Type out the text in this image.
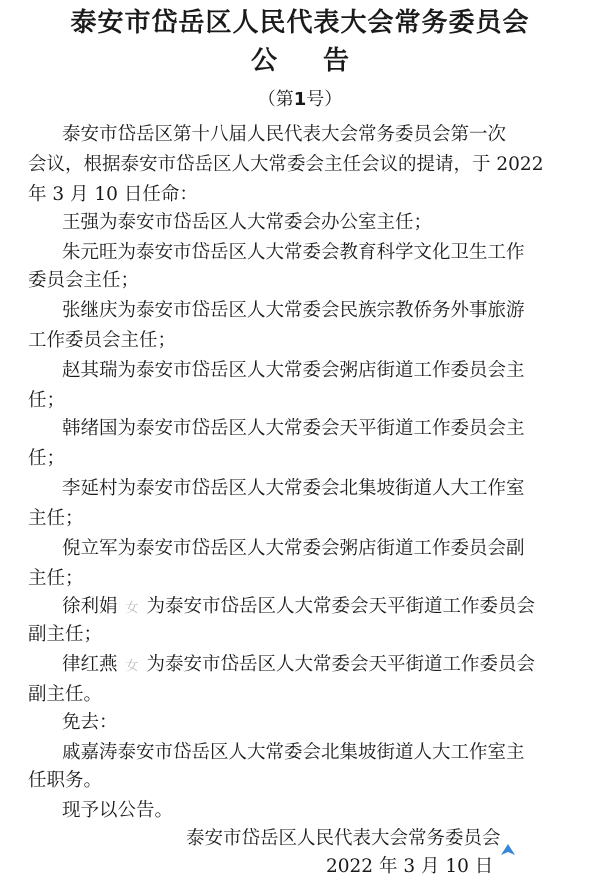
泰安市岱岳区人民代表大会常务委员会
公告
（第1号）
泰安市岱岳区第十八届人民代表大会常务委员会第一次
会议，根据泰安市岱岳区人大常委会主任会议的提请，于 2022
年 3 月 10 日任命：
王强为泰安市岱岳区人大常委会办公室主任；
朱元旺为泰安市岱岳区人大常委会教育科学文化卫生工作
委员会主任；
张继庆为泰安市岱岳区人大常委会民族宗教侨务外事旅游
工作委员会主任；
赵其瑞为泰安市岱岳区人大常委会粥店街道工作委员会主
任；
韩绪国为泰安市岱岳区人大常委会天平街道工作委员会主
任；
李延村为泰安市岱岳区人大常委会北集坡街道人大工作室
主任；
倪立军为泰安市岱岳区人大常委会粥店街道工作委员会副
主任；
徐利娟 女 为泰安市岱岳区人大常委会天平街道工作委员会
副主任；
律红燕 女 为泰安市岱岳区人大常委会天平街道工作委员会
副主任。
免去：
戚嘉涛泰安市岱岳区人大常委会北集坡街道人大工作室主
任职务。
现予以公告。
泰安市岱岳区人民代表大会常务委员会
2022 年 3 月 10 日
